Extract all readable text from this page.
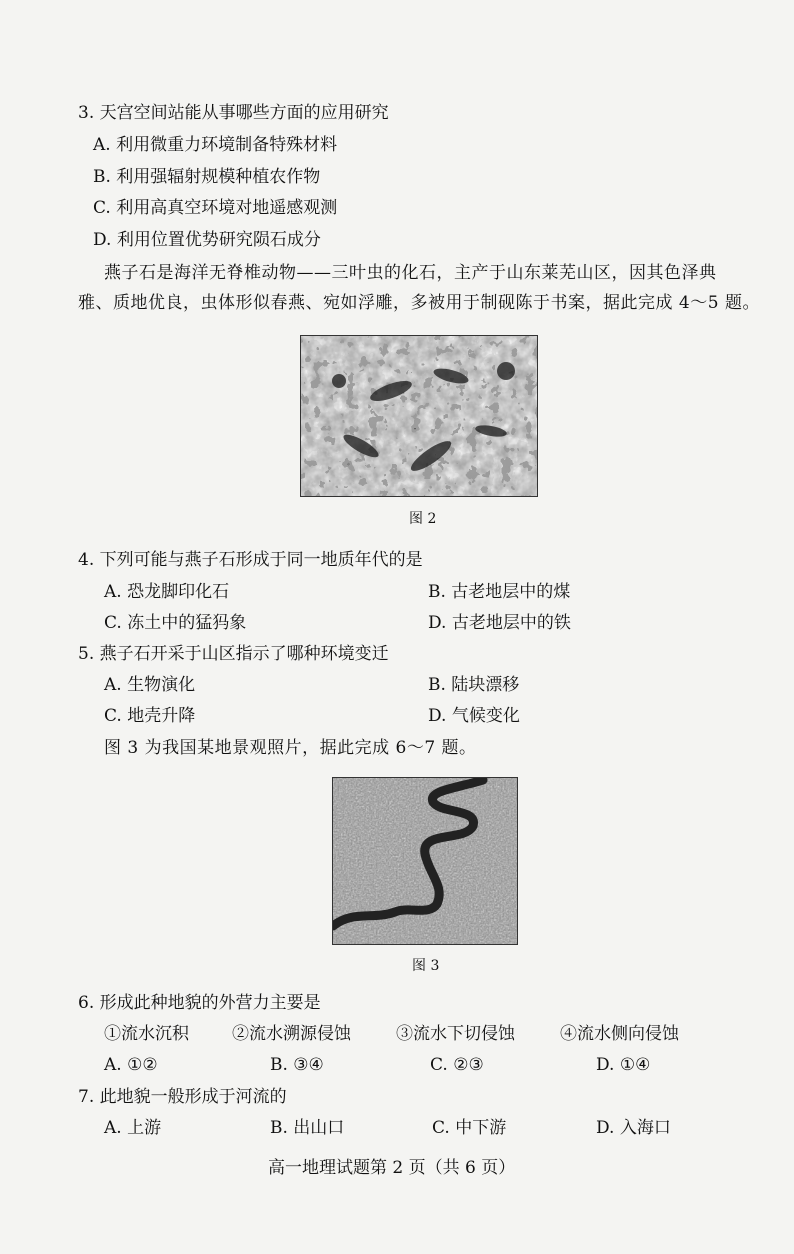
3. 天宫空间站能从事哪些方面的应用研究
A. 利用微重力环境制备特殊材料
B. 利用强辐射规模种植农作物
C. 利用高真空环境对地遥感观测
D. 利用位置优势研究陨石成分
燕子石是海洋无脊椎动物——三叶虫的化石，主产于山东莱芜山区，因其色泽典
雅、质地优良，虫体形似春燕、宛如浮雕，多被用于制砚陈于书案，据此完成 4～5 题。
图 2
4. 下列可能与燕子石形成于同一地质年代的是
A. 恐龙脚印化石	B. 古老地层中的煤
C. 冻土中的猛犸象	D. 古老地层中的铁
5. 燕子石开采于山区指示了哪种环境变迁
A. 生物演化	B. 陆块漂移
C. 地壳升降	D. 气候变化
图 3 为我国某地景观照片，据此完成 6～7 题。
图 3
6. 形成此种地貌的外营力主要是
①流水沉积	②流水溯源侵蚀	③流水下切侵蚀	④流水侧向侵蚀
A. ①②	B. ③④	C. ②③	D. ①④
7. 此地貌一般形成于河流的
A. 上游	B. 出山口	C. 中下游	D. 入海口
高一地理试题第 2 页（共 6 页）
